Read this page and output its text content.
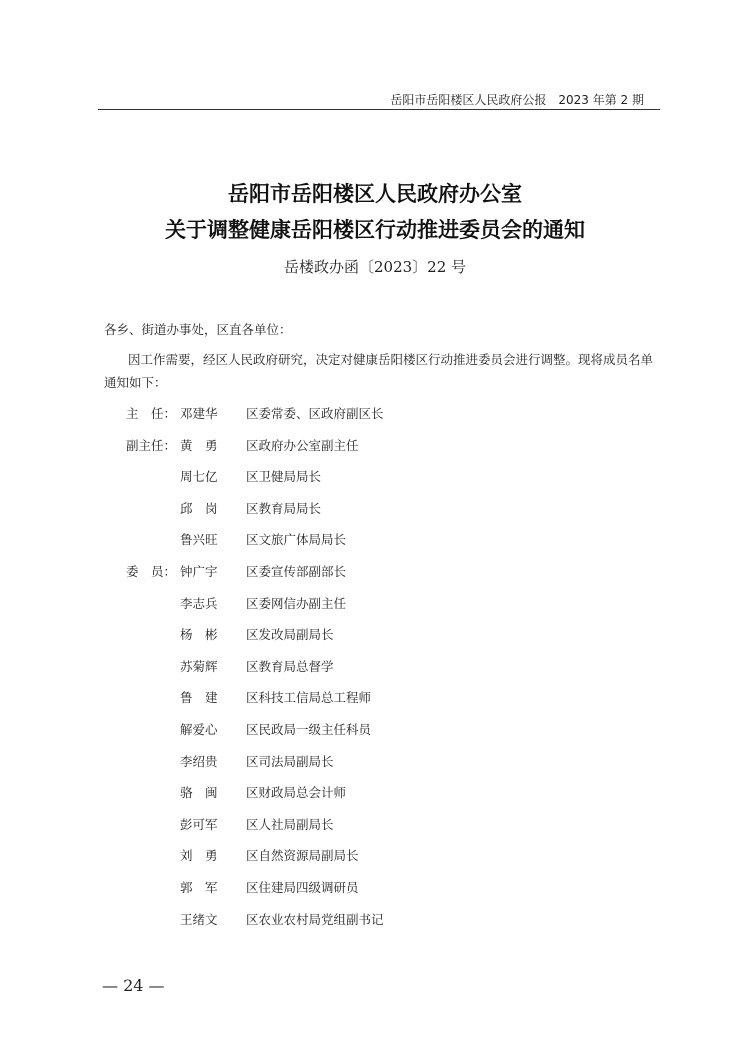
岳阳市岳阳楼区人民政府公报　2023 年第 2 期
岳阳市岳阳楼区人民政府办公室
关于调整健康岳阳楼区行动推进委员会的通知
岳楼政办函〔2023〕22 号
各乡、街道办事处，区直各单位：
因工作需要，经区人民政府研究，决定对健康岳阳楼区行动推进委员会进行调整。现将成员名单通知如下：
主　任： 邓建华 区委常委、区政府副区长
副主任： 黄　勇 区政府办公室副主任
周七亿 区卫健局局长
邱　岗 区教育局局长
鲁兴旺 区文旅广体局局长
委　员： 钟广宇 区委宣传部副部长
李志兵 区委网信办副主任
杨　彬 区发改局副局长
苏菊辉 区教育局总督学
鲁　建 区科技工信局总工程师
解爱心 区民政局一级主任科员
李绍贵 区司法局副局长
骆　闽 区财政局总会计师
彭可军 区人社局副局长
刘　勇 区自然资源局副局长
郭　军 区住建局四级调研员
王绪文 区农业农村局党组副书记
— 24 —
